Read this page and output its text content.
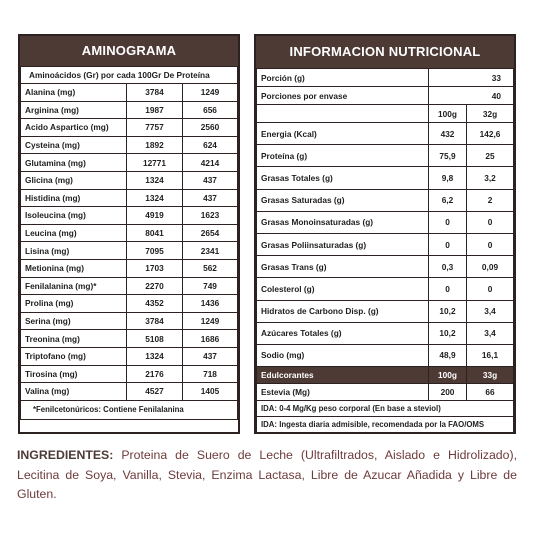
AMINOGRAMA
Aminoácidos (Gr) por cada 100Gr De Proteína		
Alanina (mg)	3784	1249
Arginina (mg)	1987	656
Acido Aspartico (mg)	7757	2560
Cysteina (mg)	1892	624
Glutamina (mg)	12771	4214
Glicina (mg)	1324	437
Histidina (mg)	1324	437
Isoleucina (mg)	4919	1623
Leucina (mg)	8041	2654
Lisina (mg)	7095	2341
Metionina (mg)	1703	562
Fenilalanina (mg)*	2270	749
Prolina (mg)	4352	1436
Serina (mg)	3784	1249
Treonina (mg)	5108	1686
Triptofano (mg)	1324	437
Tirosina (mg)	2176	718
Valina (mg)	4527	1405
*Fenilcetonúricos: Contiene Fenilalanina		
INFORMACION NUTRICIONAL
Porción (g)	33	
Porciones por envase	40	
	100g	32g
Energia (Kcal)	432	142,6
Proteína (g)	75,9	25
Grasas Totales (g)	9,8	3,2
Grasas Saturadas (g)	6,2	2
Grasas Monoinsaturadas (g)	0	0
Grasas Poliinsaturadas (g)	0	0
Grasas Trans (g)	0,3	0,09
Colesterol (g)	0	0
Hidratos de Carbono Disp. (g)	10,2	3,4
Azúcares Totales (g)	10,2	3,4
Sodio (mg)	48,9	16,1
Edulcorantes	100g	33g
Estevia (Mg)	200	66
IDA: 0-4 Mg/Kg peso corporal (En base a steviol)		
IDA: Ingesta diaria admisible, recomendada por la FAO/OMS		
INGREDIENTES: Proteina de Suero de Leche (Ultrafiltrados, Aislado e Hidrolizado), Lecitina de Soya, Vanilla, Stevia, Enzima Lactasa, Libre de Azucar Añadida y Libre de Gluten.
